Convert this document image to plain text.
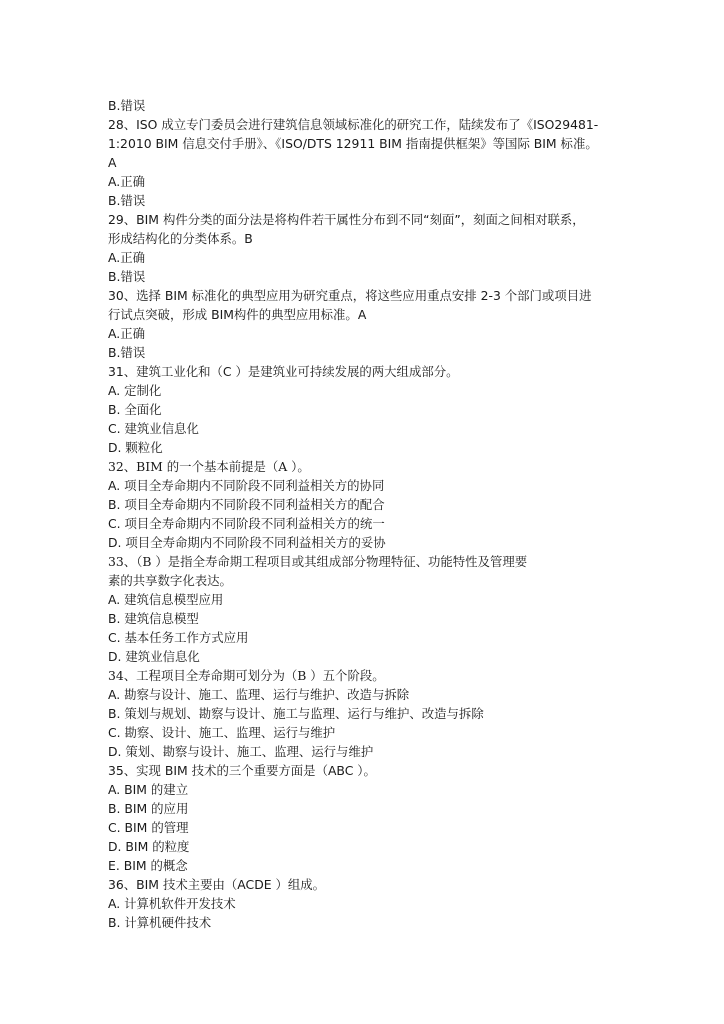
B.错误
28、ISO 成立专门委员会进行建筑信息领域标准化的研究工作，陆续发布了《ISO29481-
1:2010 BIM 信息交付手册》、《ISO/DTS 12911 BIM 指南提供框架》等国际 BIM 标准。
A
A.正确
B.错误
29、BIM 构件分类的面分法是将构件若干属性分布到不同“刻面”，刻面之间相对联系，
形成结构化的分类体系。B
A.正确
B.错误
30、选择 BIM 标准化的典型应用为研究重点，将这些应用重点安排 2-3 个部门或项目进
行试点突破，形成 BIM构件的典型应用标准。A
A.正确
B.错误
31、建筑工业化和（C ）是建筑业可持续发展的两大组成部分。
A. 定制化
B. 全面化
C. 建筑业信息化
D. 颗粒化
32、BIM 的一个基本前提是（A ）。
A. 项目全寿命期内不同阶段不同利益相关方的协同
B. 项目全寿命期内不同阶段不同利益相关方的配合
C. 项目全寿命期内不同阶段不同利益相关方的统一
D. 项目全寿命期内不同阶段不同利益相关方的妥协
33、（B ）是指全寿命期工程项目或其组成部分物理特征、功能特性及管理要
素的共享数字化表达。
A. 建筑信息模型应用
B. 建筑信息模型
C. 基本任务工作方式应用
D. 建筑业信息化
34、工程项目全寿命期可划分为（B ）五个阶段。
A. 勘察与设计、施工、监理、运行与维护、改造与拆除
B. 策划与规划、勘察与设计、施工与监理、运行与维护、改造与拆除
C. 勘察、设计、施工、监理、运行与维护
D. 策划、勘察与设计、施工、监理、运行与维护
35、实现 BIM 技术的三个重要方面是（ABC ）。
A. BIM 的建立
B. BIM 的应用
C. BIM 的管理
D. BIM 的粒度
E. BIM 的概念
36、BIM 技术主要由（ACDE ）组成。
A. 计算机软件开发技术
B. 计算机硬件技术
